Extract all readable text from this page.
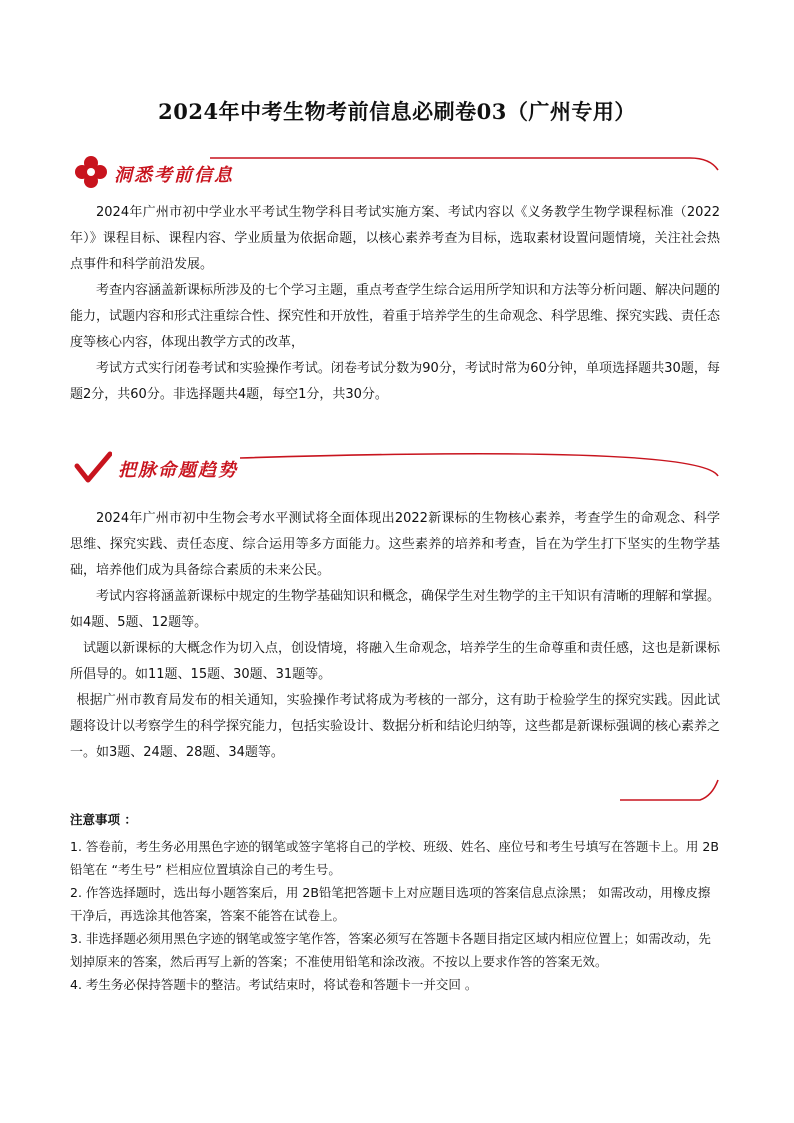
2024年中考生物考前信息必刷卷03（广州专用）
洞悉考前信息

2024年广州市初中学业水平考试生物学科目考试实施方案、考试内容以《义务教学生物学课程标准（2022年）》课程目标、课程内容、学业质量为依据命题，以核心素养考查为目标，选取素材设置问题情境，关注社会热点事件和科学前沿发展。

考查内容涵盖新课标所涉及的七个学习主题，重点考查学生综合运用所学知识和方法等分析问题、解决问题的能力，试题内容和形式注重综合性、探究性和开放性，着重于培养学生的生命观念、科学思维、探究实践、责任态度等核心内容，体现出教学方式的改革，

考试方式实行闭卷考试和实验操作考试。闭卷考试分数为90分，考试时常为60分钟，单项选择题共30题，每题2分，共60分。非选择题共4题，每空1分，共30分。

把脉命题趋势

2024年广州市初中生物会考水平测试将全面体现出2022新课标的生物核心素养，考查学生的命观念、科学思维、探究实践、责任态度、综合运用等多方面能力。这些素养的培养和考查，旨在为学生打下坚实的生物学基础，培养他们成为具备综合素质的未来公民。

考试内容将涵盖新课标中规定的生物学基础知识和概念，确保学生对生物学的主干知识有清晰的理解和掌握。如4题、5题、12题等。

试题以新课标的大概念作为切入点，创设情境，将融入生命观念，培养学生的生命尊重和责任感，这也是新课标所倡导的。如11题、15题、30题、31题等。

根据广州市教育局发布的相关通知，实验操作考试将成为考核的一部分，这有助于检验学生的探究实践。因此试题将设计以考察学生的科学探究能力，包括实验设计、数据分析和结论归纳等，这些都是新课标强调的核心素养之一。如3题、24题、28题、34题等。

注意事项 ：

1. 答卷前，考生务必用黑色字迹的钢笔或签字笔将自己的学校、班级、姓名、座位号和考生号填写在答题卡上。用 2B铅笔在 “考生号” 栏相应位置填涂自己的考生号。

2. 作答选择题时，选出每小题答案后，用 2B铅笔把答题卡上对应题目选项的答案信息点涂黑； 如需改动，用橡皮擦干净后，再选涂其他答案，答案不能答在试卷上。

3. 非选择题必须用黑色字迹的钢笔或签字笔作答，答案必须写在答题卡各题目指定区域内相应位置上；如需改动，先划掉原来的答案，然后再写上新的答案；不准使用铅笔和涂改液。不按以上要求作答的答案无效。

4. 考生务必保持答题卡的整洁。考试结束时，将试卷和答题卡一并交回 。
